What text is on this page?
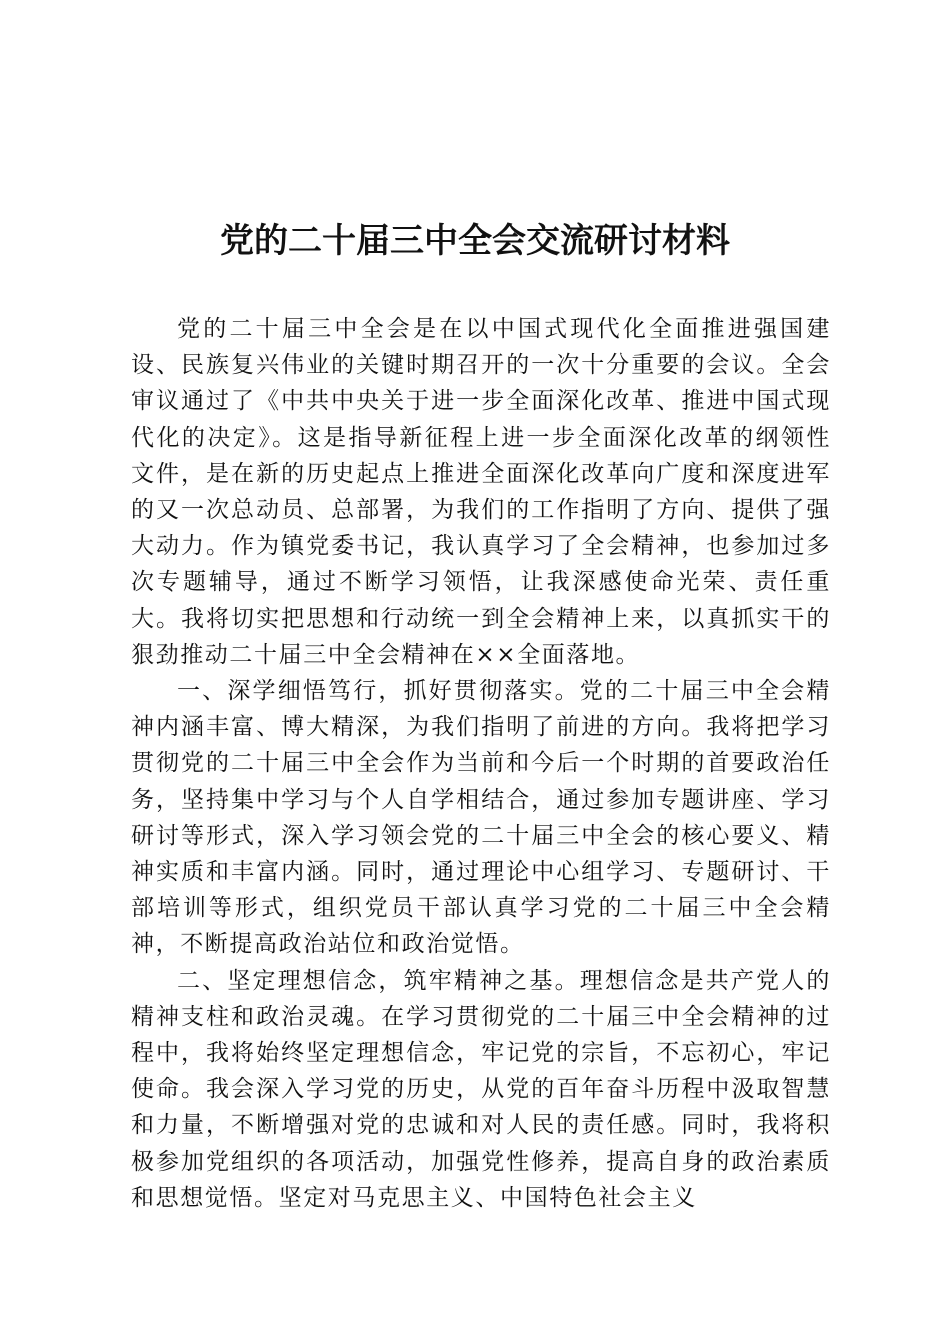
党的二十届三中全会交流研讨材料

党的二十届三中全会是在以中国式现代化全面推进强国建设、民族复兴伟业的关键时期召开的一次十分重要的会议。全会审议通过了《中共中央关于进一步全面深化改革、推进中国式现代化的决定》。这是指导新征程上进一步全面深化改革的纲领性文件，是在新的历史起点上推进全面深化改革向广度和深度进军的又一次总动员、总部署，为我们的工作指明了方向、提供了强大动力。作为镇党委书记，我认真学习了全会精神，也参加过多次专题辅导，通过不断学习领悟，让我深感使命光荣、责任重大。我将切实把思想和行动统一到全会精神上来，以真抓实干的狠劲推动二十届三中全会精神在××全面落地。

一、深学细悟笃行，抓好贯彻落实。党的二十届三中全会精神内涵丰富、博大精深，为我们指明了前进的方向。我将把学习贯彻党的二十届三中全会作为当前和今后一个时期的首要政治任务，坚持集中学习与个人自学相结合，通过参加专题讲座、学习研讨等形式，深入学习领会党的二十届三中全会的核心要义、精神实质和丰富内涵。同时，通过理论中心组学习、专题研讨、干部培训等形式，组织党员干部认真学习党的二十届三中全会精神，不断提高政治站位和政治觉悟。

二、坚定理想信念，筑牢精神之基。理想信念是共产党人的精神支柱和政治灵魂。在学习贯彻党的二十届三中全会精神的过程中，我将始终坚定理想信念，牢记党的宗旨，不忘初心，牢记使命。我会深入学习党的历史，从党的百年奋斗历程中汲取智慧和力量，不断增强对党的忠诚和对人民的责任感。同时，我将积极参加党组织的各项活动，加强党性修养，提高自身的政治素质和思想觉悟。坚定对马克思主义、中国特色社会主义
